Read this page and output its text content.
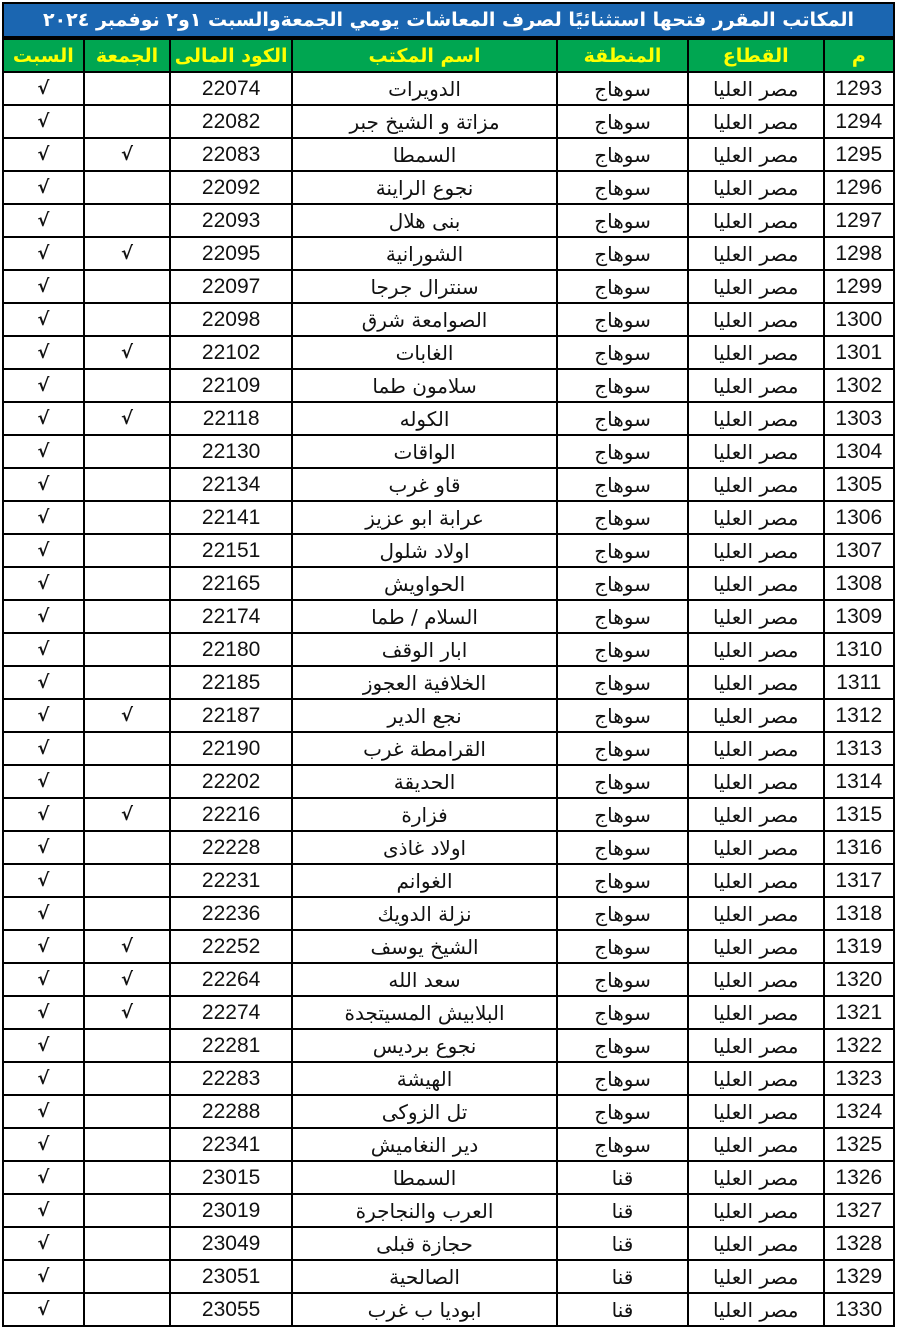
المكاتب المقرر فتحها استثنائيًا لصرف المعاشات يومي الجمعةوالسبت ١و٢ نوفمبر ٢٠٢٤
م	القطاع	المنطقة	اسم المكتب	الكود المالى	الجمعة	السبت
1293	مصر العليا	سوهاج	الدويرات	22074		√
1294	مصر العليا	سوهاج	مزاتة و الشيخ جبر	22082		√
1295	مصر العليا	سوهاج	السمطا	22083	√	√
1296	مصر العليا	سوهاج	نجوع الراينة	22092		√
1297	مصر العليا	سوهاج	بنى هلال	22093		√
1298	مصر العليا	سوهاج	الشورانية	22095	√	√
1299	مصر العليا	سوهاج	سنترال جرجا	22097		√
1300	مصر العليا	سوهاج	الصوامعة شرق	22098		√
1301	مصر العليا	سوهاج	الغابات	22102	√	√
1302	مصر العليا	سوهاج	سلامون طما	22109		√
1303	مصر العليا	سوهاج	الكوله	22118	√	√
1304	مصر العليا	سوهاج	الواقات	22130		√
1305	مصر العليا	سوهاج	قاو غرب	22134		√
1306	مصر العليا	سوهاج	عرابة ابو عزيز	22141		√
1307	مصر العليا	سوهاج	اولاد شلول	22151		√
1308	مصر العليا	سوهاج	الحواويش	22165		√
1309	مصر العليا	سوهاج	السلام / طما	22174		√
1310	مصر العليا	سوهاج	ابار الوقف	22180		√
1311	مصر العليا	سوهاج	الخلافية العجوز	22185		√
1312	مصر العليا	سوهاج	نجع الدير	22187	√	√
1313	مصر العليا	سوهاج	القرامطة غرب	22190		√
1314	مصر العليا	سوهاج	الحديقة	22202		√
1315	مصر العليا	سوهاج	فزارة	22216	√	√
1316	مصر العليا	سوهاج	اولاد غاذى	22228		√
1317	مصر العليا	سوهاج	الغوانم	22231		√
1318	مصر العليا	سوهاج	نزلة الدويك	22236		√
1319	مصر العليا	سوهاج	الشيخ يوسف	22252	√	√
1320	مصر العليا	سوهاج	سعد الله	22264	√	√
1321	مصر العليا	سوهاج	البلابيش المسيتجدة	22274	√	√
1322	مصر العليا	سوهاج	نجوع برديس	22281		√
1323	مصر العليا	سوهاج	الهيشة	22283		√
1324	مصر العليا	سوهاج	تل الزوكى	22288		√
1325	مصر العليا	سوهاج	دير النغاميش	22341		√
1326	مصر العليا	قنا	السمطا	23015		√
1327	مصر العليا	قنا	العرب والنجاجرة	23019		√
1328	مصر العليا	قنا	حجازة قبلى	23049		√
1329	مصر العليا	قنا	الصالحية	23051		√
1330	مصر العليا	قنا	ابوديا ب غرب	23055		√
